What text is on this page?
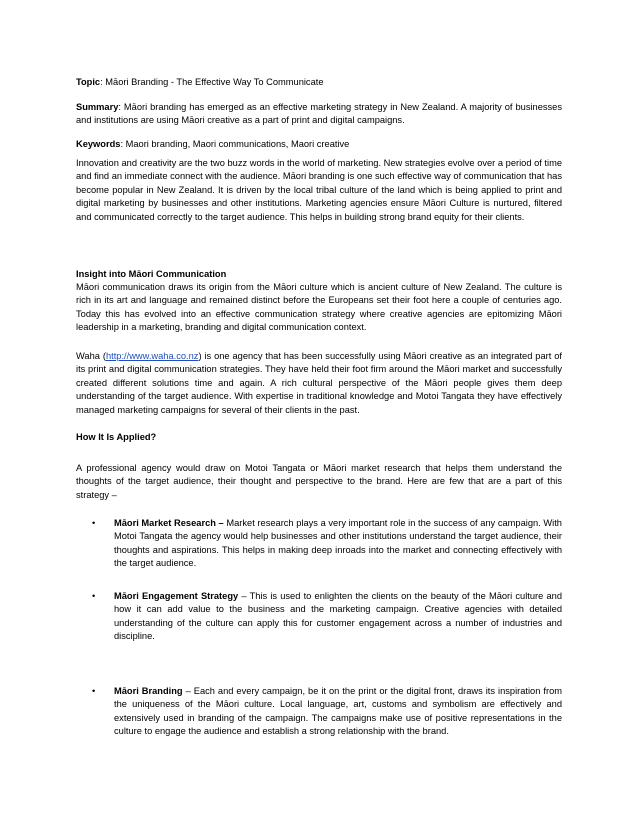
Topic: Māori Branding - The Effective Way To Communicate

Summary: Māori branding has emerged as an effective marketing strategy in New Zealand. A majority of businesses and institutions are using Māori creative as a part of print and digital campaigns.

Keywords: Maori branding, Maori communications, Maori creative

Innovation and creativity are the two buzz words in the world of marketing. New strategies evolve over a period of time and find an immediate connect with the audience. Māori branding is one such effective way of communication that has become popular in New Zealand. It is driven by the local tribal culture of the land which is being applied to print and digital marketing by businesses and other institutions. Marketing agencies ensure Māori Culture is nurtured, filtered and communicated correctly to the target audience. This helps in building strong brand equity for their clients.

Insight into Māori Communication

Māori communication draws its origin from the Māori culture which is ancient culture of New Zealand. The culture is rich in its art and language and remained distinct before the Europeans set their foot here a couple of centuries ago. Today this has evolved into an effective communication strategy where creative agencies are epitomizing Māori leadership in a marketing, branding and digital communication context.

Waha (http://www.waha.co.nz) is one agency that has been successfully using Māori creative as an integrated part of its print and digital communication strategies. They have held their foot firm around the Māori market and successfully created different solutions time and again. A rich cultural perspective of the Māori people gives them deep understanding of the target audience. With expertise in traditional knowledge and Motoi Tangata they have effectively managed marketing campaigns for several of their clients in the past.

How It Is Applied?

A professional agency would draw on Motoi Tangata or Māori market research that helps them understand the thoughts of the target audience, their thought and perspective to the brand. Here are few that are a part of this strategy –

• Māori Market Research – Market research plays a very important role in the success of any campaign. With Motoi Tangata the agency would help businesses and other institutions understand the target audience, their thoughts and aspirations. This helps in making deep inroads into the market and connecting effectively with the target audience.

• Māori Engagement Strategy – This is used to enlighten the clients on the beauty of the Māori culture and how it can add value to the business and the marketing campaign. Creative agencies with detailed understanding of the culture can apply this for customer engagement across a number of industries and discipline.

• Māori Branding – Each and every campaign, be it on the print or the digital front, draws its inspiration from the uniqueness of the Māori culture. Local language, art, customs and symbolism are effectively and extensively used in branding of the campaign. The campaigns make use of positive representations in the culture to engage the audience and establish a strong relationship with the brand.
